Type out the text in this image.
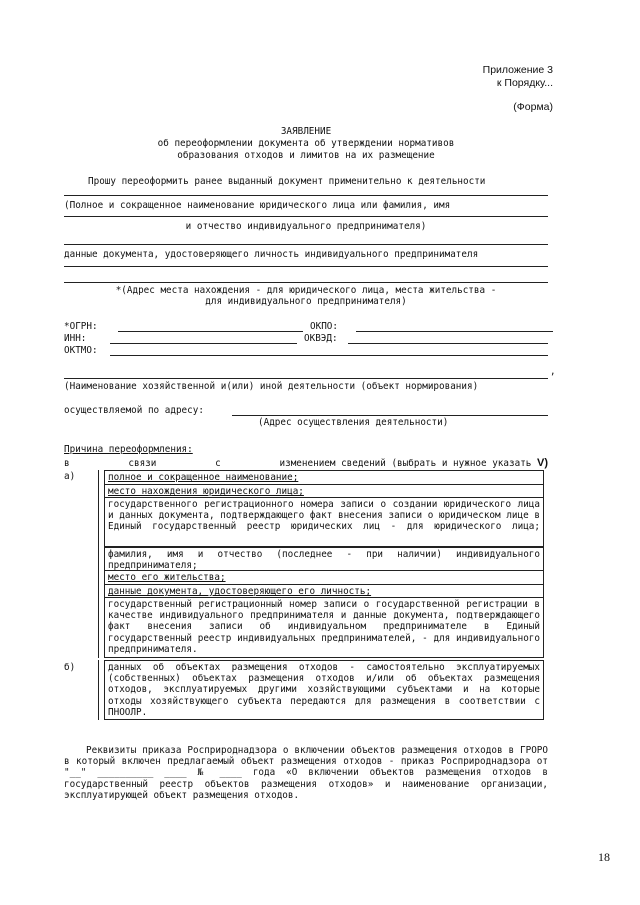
Приложение 3
к Порядку...
(Форма)
ЗАЯВЛЕНИЕ
об переоформлении документа об утверждении нормативов
образования отходов и лимитов на их размещение
Прошу переоформить ранее выданный документ применительно к деятельности
(Полное и сокращенное наименование юридического лица или фамилия, имя
и отчество индивидуального предпринимателя)
данные документа, удостоверяющего личность индивидуального предпринимателя
*(Адрес места нахождения - для юридического лица, места жительства -
для индивидуального предпринимателя)
*ОГРН:	ОКПО:
ИНН:	ОКВЭД:
ОКТМО:
,
(Наименование хозяйственной и(или) иной деятельности (объект нормирования)
осуществляемой по адресу:
(Адрес осуществления деятельности)
Причина переоформления:
в	связи	с	изменением сведений (выбрать и нужное указать V)
а)	полное и сокращенное наименование;
место нахождения юридического лица;
государственного регистрационного номера записи о создании юридического лица и данных документа, подтверждающего факт внесения записи о юридическом лице в Единый государственный реестр юридических лиц - для юридического лица;
фамилия, имя и отчество (последнее - при наличии) индивидуального предпринимателя;
место его жительства;
данные документа, удостоверяющего его личность;
государственный регистрационный номер записи о государственной регистрации в качестве индивидуального предпринимателя и данные документа, подтверждающего факт внесения записи об индивидуальном предпринимателе в Единый государственный реестр индивидуальных предпринимателей, - для индивидуального предпринимателя.
б)	данных об объектах размещения отходов - самостоятельно эксплуатируемых (собственных) объектах размещения отходов и/или об объектах размещения отходов, эксплуатируемых другими хозяйствующими субъектами и на которые отходы хозяйствующего субъекта передаются для размещения в соответствии с ПНООЛР.
Реквизиты приказа Росприроднадзора о включении объектов размещения отходов в ГРОРО в который включен предлагаемый объект размещения отходов - приказ Росприроднадзора от "__" __________ ____ № ____ года «О включении объектов размещения отходов в государственный реестр объектов размещения отходов» и наименование организации, эксплуатирующей объект размещения отходов.
18
